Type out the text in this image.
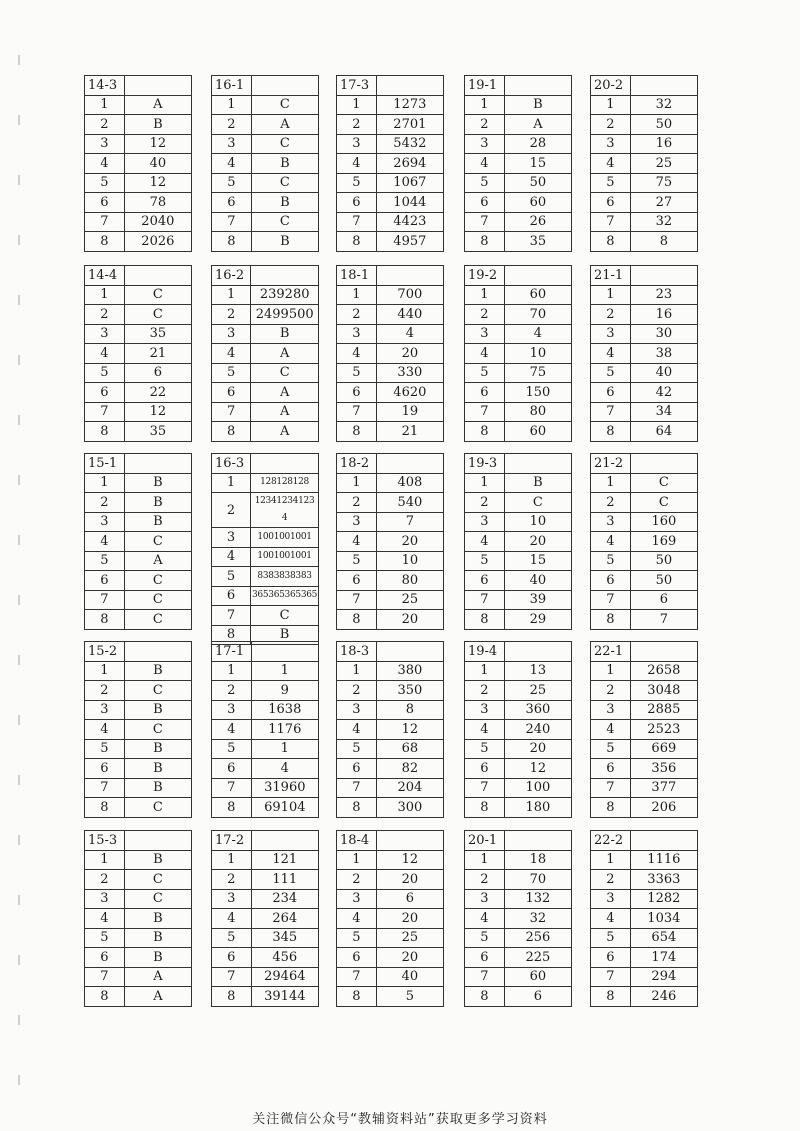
14-3	
1	A
2	B
3	12
4	40
5	12
6	78
7	2040
8	2026
16-1	
1	C
2	A
3	C
4	B
5	C
6	B
7	C
8	B
17-3	
1	1273
2	2701
3	5432
4	2694
5	1067
6	1044
7	4423
8	4957
19-1	
1	B
2	A
3	28
4	15
5	50
6	60
7	26
8	35
20-2	
1	32
2	50
3	16
4	25
5	75
6	27
7	32
8	8
14-4	
1	C
2	C
3	35
4	21
5	6
6	22
7	12
8	35
16-2	
1	239280
2	2499500
3	B
4	A
5	C
6	A
7	A
8	A
18-1	
1	700
2	440
3	4
4	20
5	330
6	4620
7	19
8	21
19-2	
1	60
2	70
3	4
4	10
5	75
6	150
7	80
8	60
21-1	
1	23
2	16
3	30
4	38
5	40
6	42
7	34
8	64
15-1	
1	B
2	B
3	B
4	C
5	A
6	C
7	C
8	C
16-3	
1	128128128
2	12341234123 4
3	1001001001
4	1001001001
5	8383838383
6	365365365365
7	C
8	B
18-2	
1	408
2	540
3	7
4	20
5	10
6	80
7	25
8	20
19-3	
1	B
2	C
3	10
4	20
5	15
6	40
7	39
8	29
21-2	
1	C
2	C
3	160
4	169
5	50
6	50
7	6
8	7
15-2	
1	B
2	C
3	B
4	C
5	B
6	B
7	B
8	C
17-1	
1	1
2	9
3	1638
4	1176
5	1
6	4
7	31960
8	69104
18-3	
1	380
2	350
3	8
4	12
5	68
6	82
7	204
8	300
19-4	
1	13
2	25
3	360
4	240
5	20
6	12
7	100
8	180
22-1	
1	2658
2	3048
3	2885
4	2523
5	669
6	356
7	377
8	206
15-3	
1	B
2	C
3	C
4	B
5	B
6	B
7	A
8	A
17-2	
1	121
2	111
3	234
4	264
5	345
6	456
7	29464
8	39144
18-4	
1	12
2	20
3	6
4	20
5	25
6	20
7	40
8	5
20-1	
1	18
2	70
3	132
4	32
5	256
6	225
7	60
8	6
22-2	
1	1116
2	3363
3	1282
4	1034
5	654
6	174
7	294
8	246
关注微信公众号“教辅资料站”获取更多学习资料
